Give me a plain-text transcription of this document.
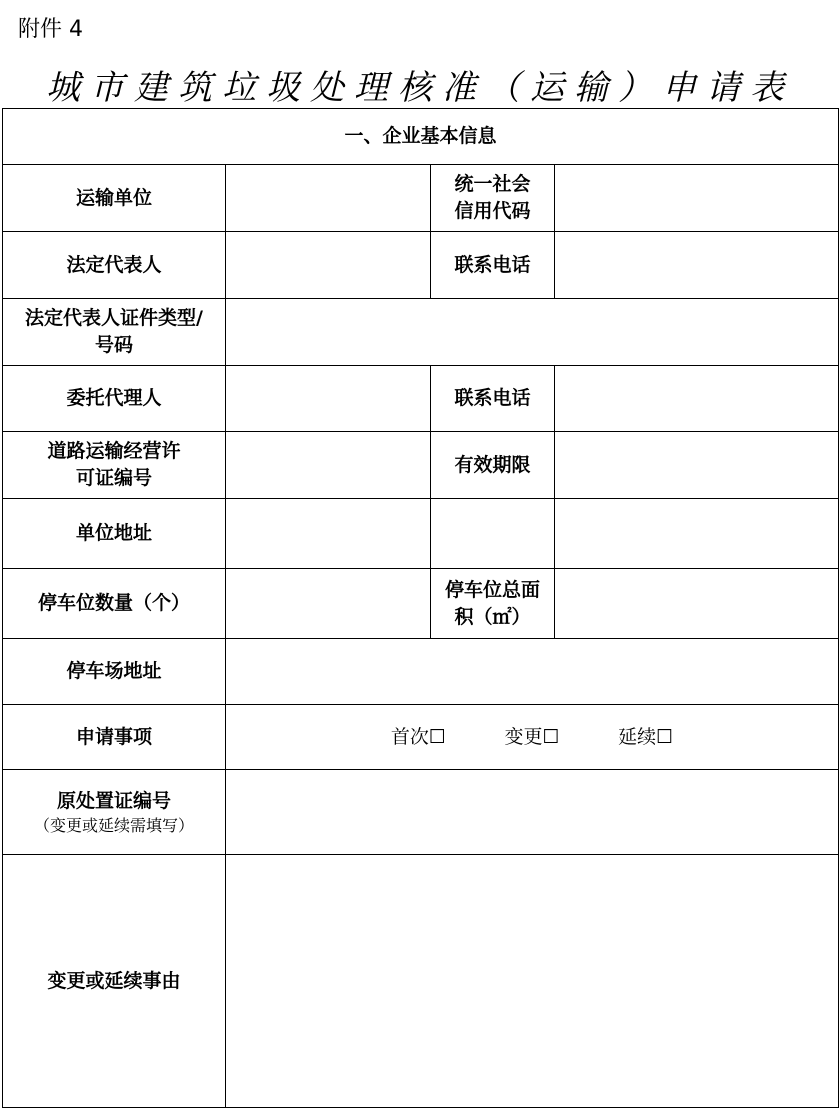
附件 4
城市建筑垃圾处理核准（运输）申请表
一、企业基本信息			
运输单位		统一社会信用代码	
法定代表人		联系电话	
法定代表人证件类型/号码			
委托代理人		联系电话	
道路运输经营许可证编号		有效期限	
单位地址			
停车位数量（个）		停车位总面积（㎡）	
停车场地址			
申请事项	首次☐ 变更☐ 延续☐		
原处置证编号
（变更或延续需填写）			

变更或延续事由			
